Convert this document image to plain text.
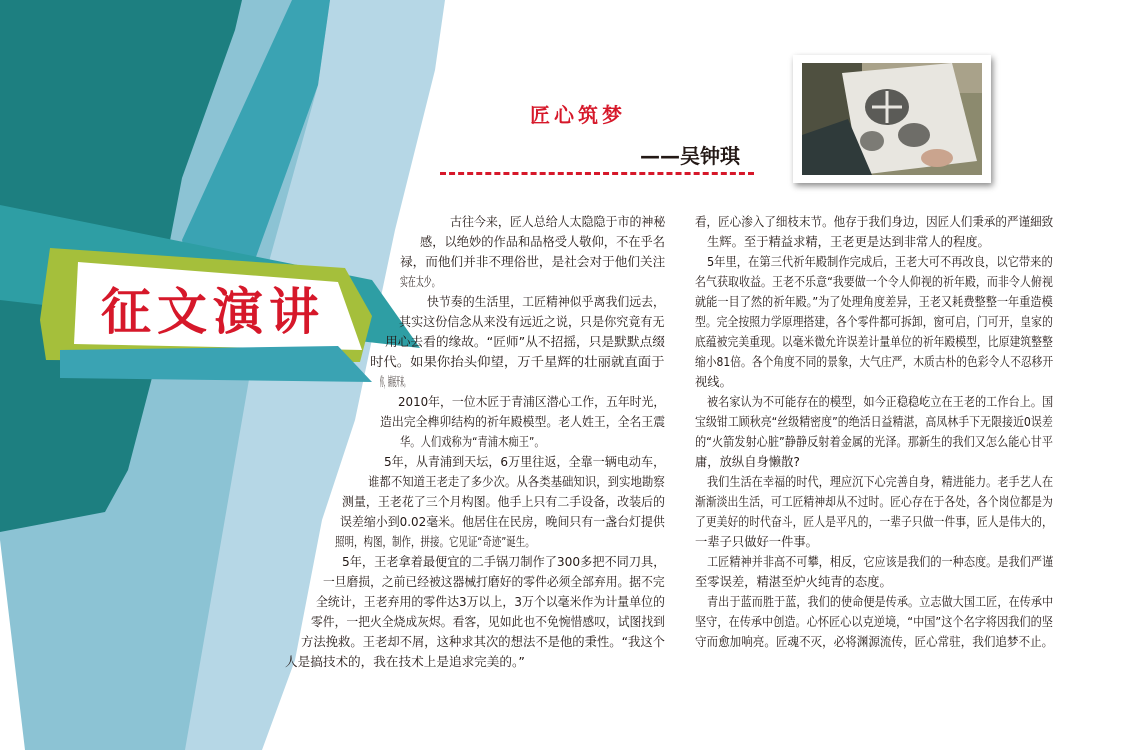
匠心筑梦
——吴钟琪
征文演讲
古往今来，匠人总给人太隐隐于市的神秘
感，以绝妙的作品和品格受人敬仰，不在乎名
禄，而他们并非不理俗世，是社会对于他们关注
实在太少。
快节奏的生活里，工匠精神似乎离我们远去，
其实这份信念从来没有远近之说，只是你究竟有无
用心去看的缘故。“匠师”从不招摇，只是默默点缀
时代。如果你抬头仰望，万千星辉的壮丽就直面于
你，铺展开来。
2010年，一位木匠于青浦区潜心工作，五年时光，
造出完全榫卯结构的祈年殿模型。老人姓王，全名王震
华。人们戏称为“青浦木痴王”。
5年，从青浦到天坛，6万里往返，全靠一辆电动车，
谁都不知道王老走了多少次。从各类基础知识，到实地勘察
测量，王老花了三个月构图。他手上只有二手设备，改装后的
误差缩小到0.02毫米。他居住在民房，晚间只有一盏台灯提供
照明，构图，制作，拼接。它见证“奇迹”诞生。
5年，王老拿着最便宜的二手锅刀制作了300多把不同刀具，
一旦磨损，之前已经被这器械打磨好的零件必须全部弃用。据不完
全统计，王老弃用的零件达3万以上，3万个以毫米作为计量单位的
零件，一把火全烧成灰烬。看客，见如此也不免惋惜感叹，试图找到
方法挽救。王老却不屑，这种求其次的想法不是他的秉性。“我这个
人是搞技术的，我在技术上是追求完美的。”
看，匠心渗入了细枝末节。他存于我们身边，因匠人们秉承的严谨細致
生辉。至于精益求精，王老更是达到非常人的程度。
5年里，在第三代祈年殿制作完成后，王老大可不再改良，以它带来的
名气获取收益。王老不乐意“我要做一个令人仰视的祈年殿，而非令人俯视
就能一目了然的祈年殿。”为了处理角度差异，王老又耗费整整一年重造模
型。完全按照力学原理搭建，各个零件都可拆卸，窗可启，门可开，皇家的
底蕴被完美重现。以毫米微允许误差计量单位的祈年殿模型，比原建筑整整
缩小81倍。各个角度不同的景象，大气庄严，木质古朴的色彩令人不忍移开
视线。
被名家认为不可能存在的模型，如今正稳稳屹立在王老的工作台上。国
宝级钳工顾秋亮“丝级精密度”的绝活日益精湛，高凤林手下无限接近0误差
的“火箭发射心脏”静静反射着金属的光泽。那新生的我们又怎么能心甘平
庸，放纵自身懒散?
我们生活在幸福的时代，理应沉下心完善自身，精进能力。老手艺人在
渐渐淡出生活，可工匠精神却从不过时。匠心存在于各处，各个岗位都是为
了更美好的时代奋斗，匠人是平凡的，一辈子只做一件事，匠人是伟大的，
一辈子只做好一件事。
工匠精神并非高不可攀，相反，它应该是我们的一种态度。是我们严谨
至零误差，精湛至炉火纯青的态度。
青出于蓝而胜于蓝，我们的使命便是传承。立志做大国工匠，在传承中
坚守，在传承中创造。心怀匠心以克逆境，“中国”这个名字将因我们的坚
守而愈加响亮。匠魂不灭，必将渊源流传，匠心常驻，我们追梦不止。
